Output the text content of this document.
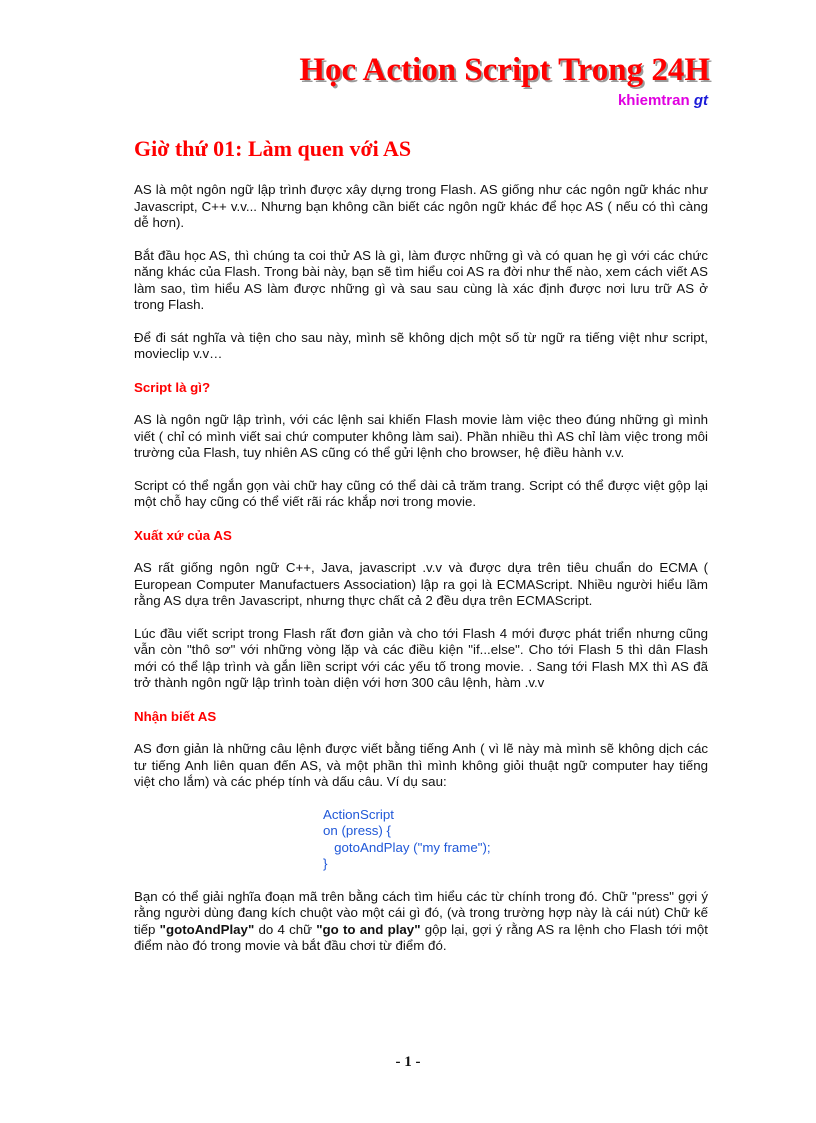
Học Action Script Trong 24H
khiemtran gt
Giờ thứ 01: Làm quen với AS

AS là một ngôn ngữ lập trình được xây dựng trong Flash. AS giống như các ngôn ngữ khác như Javascript, C++ v.v... Nhưng bạn không cần biết các ngôn ngữ khác để học AS ( nếu có thì càng dễ hơn).

Bắt đầu học AS, thì chúng ta coi thử AS là gì, làm được những gì và có quan hẹ gì với các chức năng khác của Flash. Trong bài này, bạn sẽ tìm hiểu coi AS ra đời như thế nào, xem cách viết AS làm sao, tìm hiểu AS làm được những gì và sau sau cùng là xác định được nơi lưu trữ AS ở trong Flash.

Để đi sát nghĩa và tiện cho sau này, mình sẽ không dịch một số từ ngữ ra tiếng việt như script, movieclip v.v…

Script là gì?

AS là ngôn ngữ lập trình, với các lệnh sai khiến Flash movie làm việc theo đúng những gì mình viết ( chỉ có mình viết sai chứ computer không làm sai). Phần nhiều thì AS chỉ làm việc trong môi trường của Flash, tuy nhiên AS cũng có thể gửi lệnh cho browser, hệ điều hành v.v.

Script có thể ngắn gọn vài chữ hay cũng có thể dài cả trăm trang. Script có thể được việt gộp lại một chỗ hay cũng có thể viết rãi rác khắp nơi trong movie.

Xuất xứ của AS

AS rất giống ngôn ngữ C++, Java, javascript .v.v và được dựa trên tiêu chuẩn do ECMA ( European Computer Manufactuers Association) lập ra gọi là ECMAScript. Nhiều người hiểu lầm rằng AS dựa trên Javascript, nhưng thực chất cả 2 đều dựa trên ECMAScript.

Lúc đầu viết script trong Flash rất đơn giản và cho tới Flash 4 mới được phát triển nhưng cũng vẫn còn "thô sơ" với những vòng lặp và các điều kiện "if...else". Cho tới Flash 5 thì dân Flash mới có thể lập trình và gắn liền script với các yếu tố trong movie. . Sang tới Flash MX thì AS đã trở thành ngôn ngữ lập trình toàn diện với hơn 300 câu lệnh, hàm .v.v

Nhận biết AS

AS đơn giản là những câu lệnh được viết bằng tiếng Anh ( vì lẽ này mà mình sẽ không dịch các tư tiếng Anh liên quan đến AS, và một phần thì mình không giỏi thuật ngữ computer hay tiếng việt cho lắm) và các phép tính và dấu câu. Ví dụ sau:

ActionScript
on (press) {
gotoAndPlay ("my frame");
}

Bạn có thể giải nghĩa đoạn mã trên bằng cách tìm hiểu các từ chính trong đó. Chữ "press" gợi ý rằng người dùng đang kích chuột vào một cái gì đó, (và trong trường hợp này là cái nút) Chữ kế tiếp "gotoAndPlay" do 4 chữ "go to and play" gộp lại, gợi ý rằng AS ra lệnh cho Flash tới một điểm nào đó trong movie và bắt đầu chơi từ điểm đó.

- 1 -
